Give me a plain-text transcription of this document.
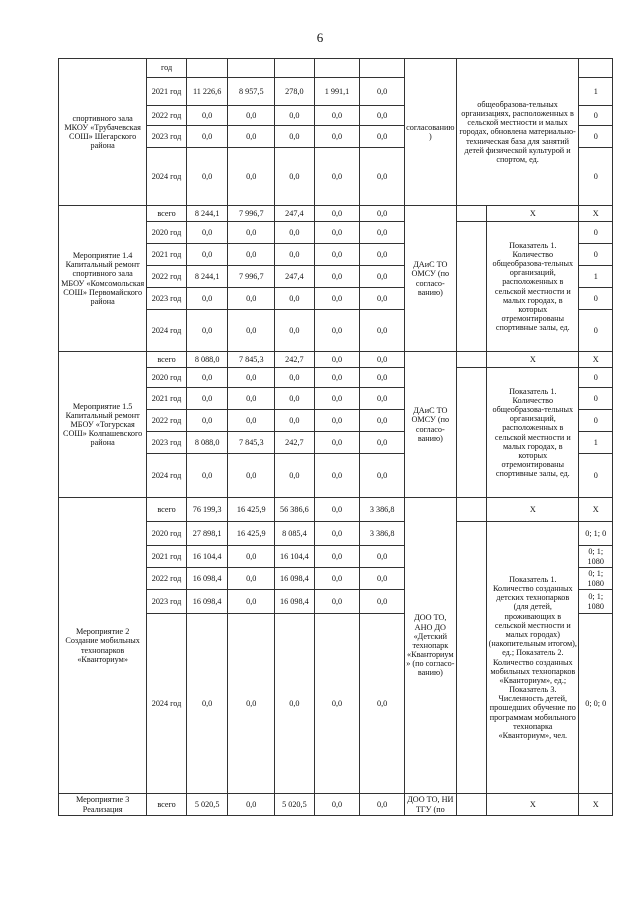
6
спортивного зала МКОУ «Трубачевская СОШ» Шегарского района	год						согласованию)	общеобразова-тельных организациях, расположенных в сельской местности и малых городах, обновлена материально-техническая база для занятий детей физической культурой и спортом, ед.		
	2021 год	11 226,6	8 957,5	278,0	1 991,1	0,0				1
	2022 год	0,0	0,0	0,0	0,0	0,0				0
	2023 год	0,0	0,0	0,0	0,0	0,0				0
	2024 год	0,0	0,0	0,0	0,0	0,0				0
Мероприятие 1.4 Капитальный ремонт спортивного зала МБОУ «Комсомольская СОШ» Первомайского района	всего	8 244,1	7 996,7	247,4	0,0	0,0	ДАиС ТО ОМСУ (по согласо-ванию)		X	X
	2020 год	0,0	0,0	0,0	0,0	0,0			Показатель 1. Количество общеобразова-тельных организаций, расположенных в сельской местности и малых городах, в которых отремонтированы спортивные залы, ед.	0
	2021 год	0,0	0,0	0,0	0,0	0,0				0
	2022 год	8 244,1	7 996,7	247,4	0,0	0,0				1
	2023 год	0,0	0,0	0,0	0,0	0,0				0
	2024 год	0,0	0,0	0,0	0,0	0,0				0
Мероприятие 1.5 Капитальный ремонт МБОУ «Тогурская СОШ» Колпашевского района	всего	8 088,0	7 845,3	242,7	0,0	0,0	ДАиС ТО ОМСУ (по согласо-ванию)		X	X
	2020 год	0,0	0,0	0,0	0,0	0,0			Показатель 1. Количество общеобразова-тельных организаций, расположенных в сельской местности и малых городах, в которых отремонтированы спортивные залы, ед.	0
	2021 год	0,0	0,0	0,0	0,0	0,0				0
	2022 год	0,0	0,0	0,0	0,0	0,0				0
	2023 год	8 088,0	7 845,3	242,7	0,0	0,0				1
	2024 год	0,0	0,0	0,0	0,0	0,0				0
Мероприятие 2 Создание мобильных технопарков «Кванториум»	всего	76 199,3	16 425,9	56 386,6	0,0	3 386,8	ДОО ТО, АНО ДО «Детский технопарк «Кванториум» (по согласо-ванию)		X	X
	2020 год	27 898,1	16 425,9	8 085,4	0,0	3 386,8			Показатель 1. Количество созданных детских технопарков (для детей, проживающих в сельской местности и малых городах) (накопительным итогом), ед.; Показатель 2. Количество созданных мобильных технопарков «Кванториум», ед.; Показатель 3. Численность детей, прошедших обучение по программам мобильного технопарка «Кванториум», чел.	0; 1; 0
	2021 год	16 104,4	0,0	16 104,4	0,0	0,0				0; 1; 1080
	2022 год	16 098,4	0,0	16 098,4	0,0	0,0				0; 1; 1080
	2023 год	16 098,4	0,0	16 098,4	0,0	0,0				0; 1; 1080
	2024 год	0,0	0,0	0,0	0,0	0,0				0; 0; 0
Мероприятие 3 Реализация	всего	5 020,5	0,0	5 020,5	0,0	0,0	ДОО ТО, НИ ТГУ (по		X	X
